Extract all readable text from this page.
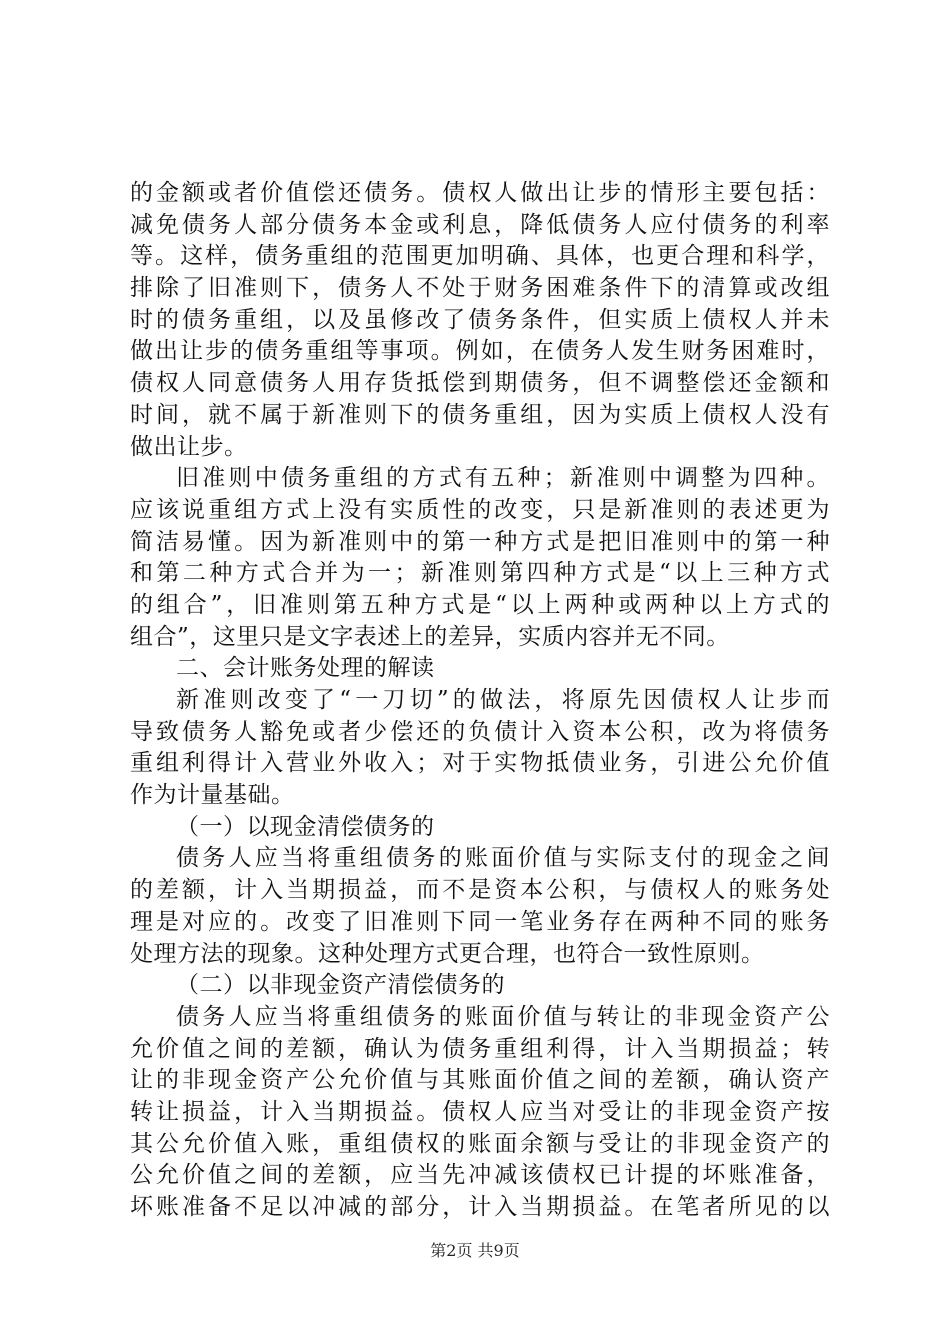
的金额或者价值偿还债务。债权人做出让步的情形主要包括：
减免债务人部分债务本金或利息，降低债务人应付债务的利率
等。这样，债务重组的范围更加明确、具体，也更合理和科学，
排除了旧准则下，债务人不处于财务困难条件下的清算或改组
时的债务重组，以及虽修改了债务条件，但实质上债权人并未
做出让步的债务重组等事项。例如，在债务人发生财务困难时，
债权人同意债务人用存货抵偿到期债务，但不调整偿还金额和
时间，就不属于新准则下的债务重组，因为实质上债权人没有
做出让步。
旧准则中债务重组的方式有五种；新准则中调整为四种。
应该说重组方式上没有实质性的改变，只是新准则的表述更为
简洁易懂。因为新准则中的第一种方式是把旧准则中的第一种
和第二种方式合并为一；新准则第四种方式是“以上三种方式
的组合”，旧准则第五种方式是“以上两种或两种以上方式的
组合”，这里只是文字表述上的差异，实质内容并无不同。
二、会计账务处理的解读
新准则改变了“一刀切”的做法，将原先因债权人让步而
导致债务人豁免或者少偿还的负债计入资本公积，改为将债务
重组利得计入营业外收入；对于实物抵债业务，引进公允价值
作为计量基础。
（一）以现金清偿债务的
债务人应当将重组债务的账面价值与实际支付的现金之间
的差额，计入当期损益，而不是资本公积，与债权人的账务处
理是对应的。改变了旧准则下同一笔业务存在两种不同的账务
处理方法的现象。这种处理方式更合理，也符合一致性原则。
（二）以非现金资产清偿债务的
债务人应当将重组债务的账面价值与转让的非现金资产公
允价值之间的差额，确认为债务重组利得，计入当期损益；转
让的非现金资产公允价值与其账面价值之间的差额，确认资产
转让损益，计入当期损益。债权人应当对受让的非现金资产按
其公允价值入账，重组债权的账面余额与受让的非现金资产的
公允价值之间的差额，应当先冲减该债权已计提的坏账准备，
坏账准备不足以冲减的部分，计入当期损益。在笔者所见的以
第2页 共9页
